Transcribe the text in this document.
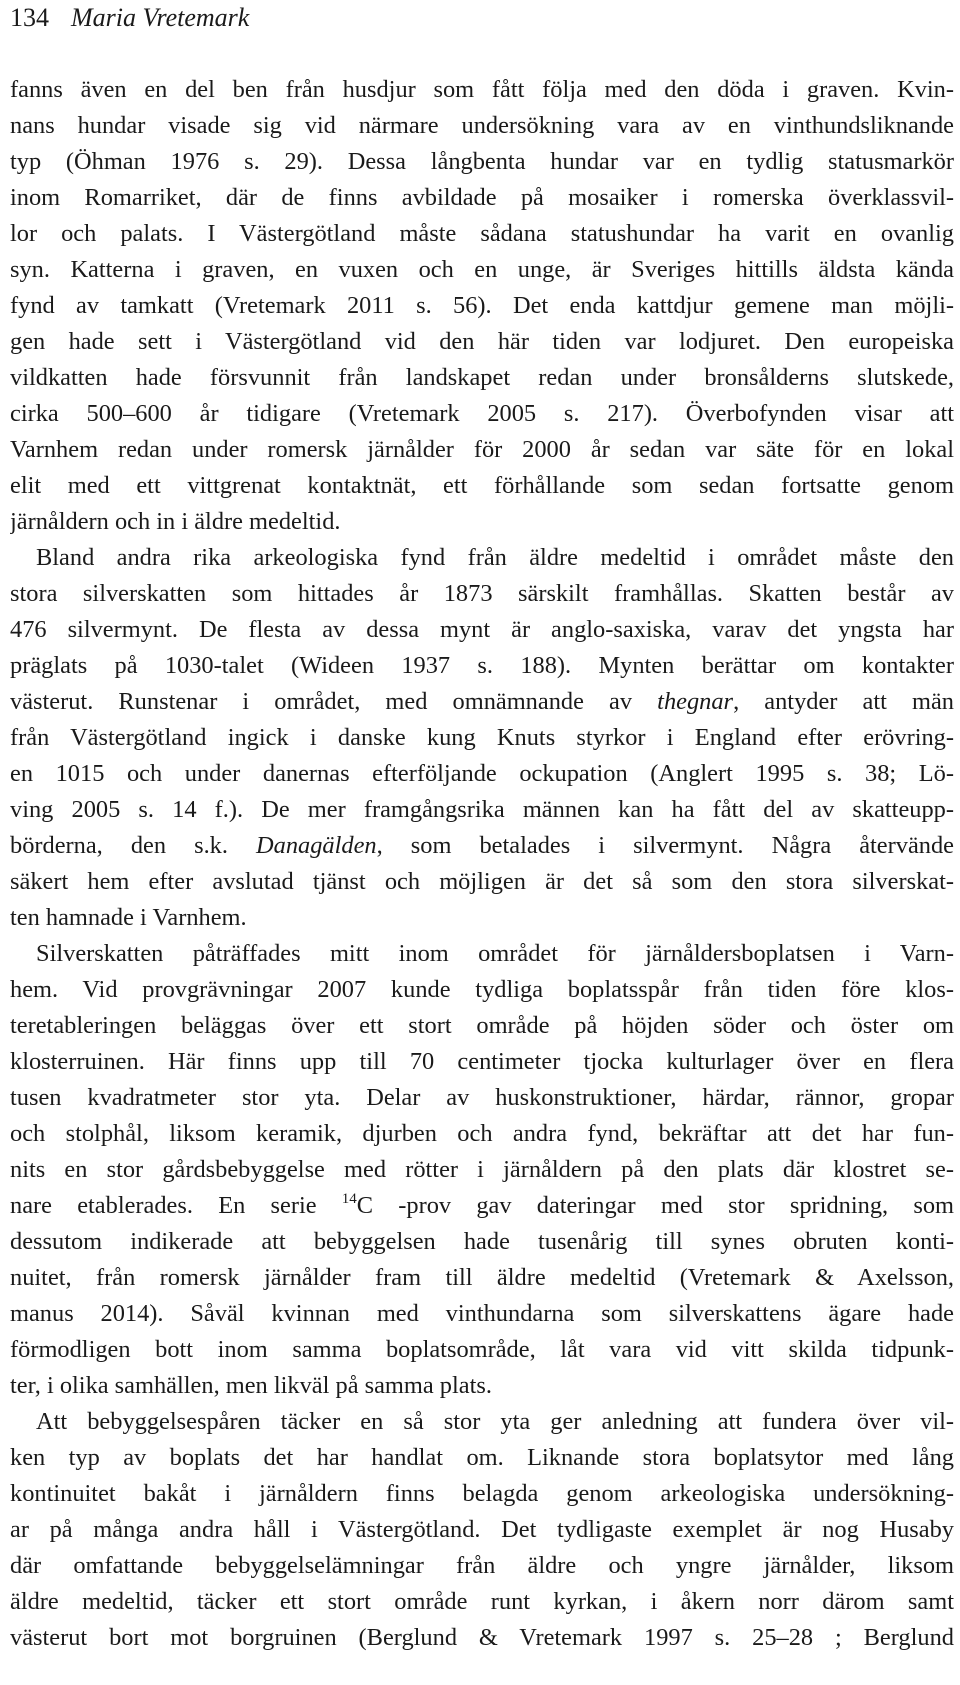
134 Maria Vretemark
fanns även en del ben från husdjur som fått följa med den döda i graven. Kvin-
nans hundar visade sig vid närmare undersökning vara av en vinthundsliknande
typ (Öhman 1976 s. 29). Dessa långbenta hundar var en tydlig statusmarkör
inom Romarriket, där de finns avbildade på mosaiker i romerska överklassvil-
lor och palats. I Västergötland måste sådana statushundar ha varit en ovanlig
syn. Katterna i graven, en vuxen och en unge, är Sveriges hittills äldsta kända
fynd av tamkatt (Vretemark 2011 s. 56). Det enda kattdjur gemene man möjli-
gen hade sett i Västergötland vid den här tiden var lodjuret. Den europeiska
vildkatten hade försvunnit från landskapet redan under bronsålderns slutskede,
cirka 500–600 år tidigare (Vretemark 2005 s. 217). Överbofynden visar att
Varnhem redan under romersk järnålder för 2000 år sedan var säte för en lokal
elit med ett vittgrenat kontaktnät, ett förhållande som sedan fortsatte genom
järnåldern och in i äldre medeltid.
Bland andra rika arkeologiska fynd från äldre medeltid i området måste den
stora silverskatten som hittades år 1873 särskilt framhållas. Skatten består av
476 silvermynt. De flesta av dessa mynt är anglo-saxiska, varav det yngsta har
präglats på 1030-talet (Wideen 1937 s. 188). Mynten berättar om kontakter
västerut. Runstenar i området, med omnämnande av thegnar, antyder att män
från Västergötland ingick i danske kung Knuts styrkor i England efter erövring-
en 1015 och under danernas efterföljande ockupation (Anglert 1995 s. 38; Lö-
ving 2005 s. 14 f.). De mer framgångsrika männen kan ha fått del av skatteupp-
börderna, den s.k. Danagälden, som betalades i silvermynt. Några återvände
säkert hem efter avslutad tjänst och möjligen är det så som den stora silverskat-
ten hamnade i Varnhem.
Silverskatten påträffades mitt inom området för järnåldersboplatsen i Varn-
hem. Vid provgrävningar 2007 kunde tydliga boplatsspår från tiden före klos-
teretableringen beläggas över ett stort område på höjden söder och öster om
klosterruinen. Här finns upp till 70 centimeter tjocka kulturlager över en flera
tusen kvadratmeter stor yta. Delar av huskonstruktioner, härdar, rännor, gropar
och stolphål, liksom keramik, djurben och andra fynd, bekräftar att det har fun-
nits en stor gårdsbebyggelse med rötter i järnåldern på den plats där klostret se-
nare etablerades. En serie $^{14}$C -prov gav dateringar med stor spridning, som
dessutom indikerade att bebyggelsen hade tusenårig till synes obruten konti-
nuitet, från romersk järnålder fram till äldre medeltid (Vretemark & Axelsson,
manus 2014). Såväl kvinnan med vinthundarna som silverskattens ägare hade
förmodligen bott inom samma boplatsområde, låt vara vid vitt skilda tidpunk-
ter, i olika samhällen, men likväl på samma plats.
Att bebyggelsespåren täcker en så stor yta ger anledning att fundera över vil-
ken typ av boplats det har handlat om. Liknande stora boplatsytor med lång
kontinuitet bakåt i järnåldern finns belagda genom arkeologiska undersökning-
ar på många andra håll i Västergötland. Det tydligaste exemplet är nog Husaby
där omfattande bebyggelselämningar från äldre och yngre järnålder, liksom
äldre medeltid, täcker ett stort område runt kyrkan, i åkern norr därom samt
västerut bort mot borgruinen (Berglund & Vretemark 1997 s. 25–28 ; Berglund
